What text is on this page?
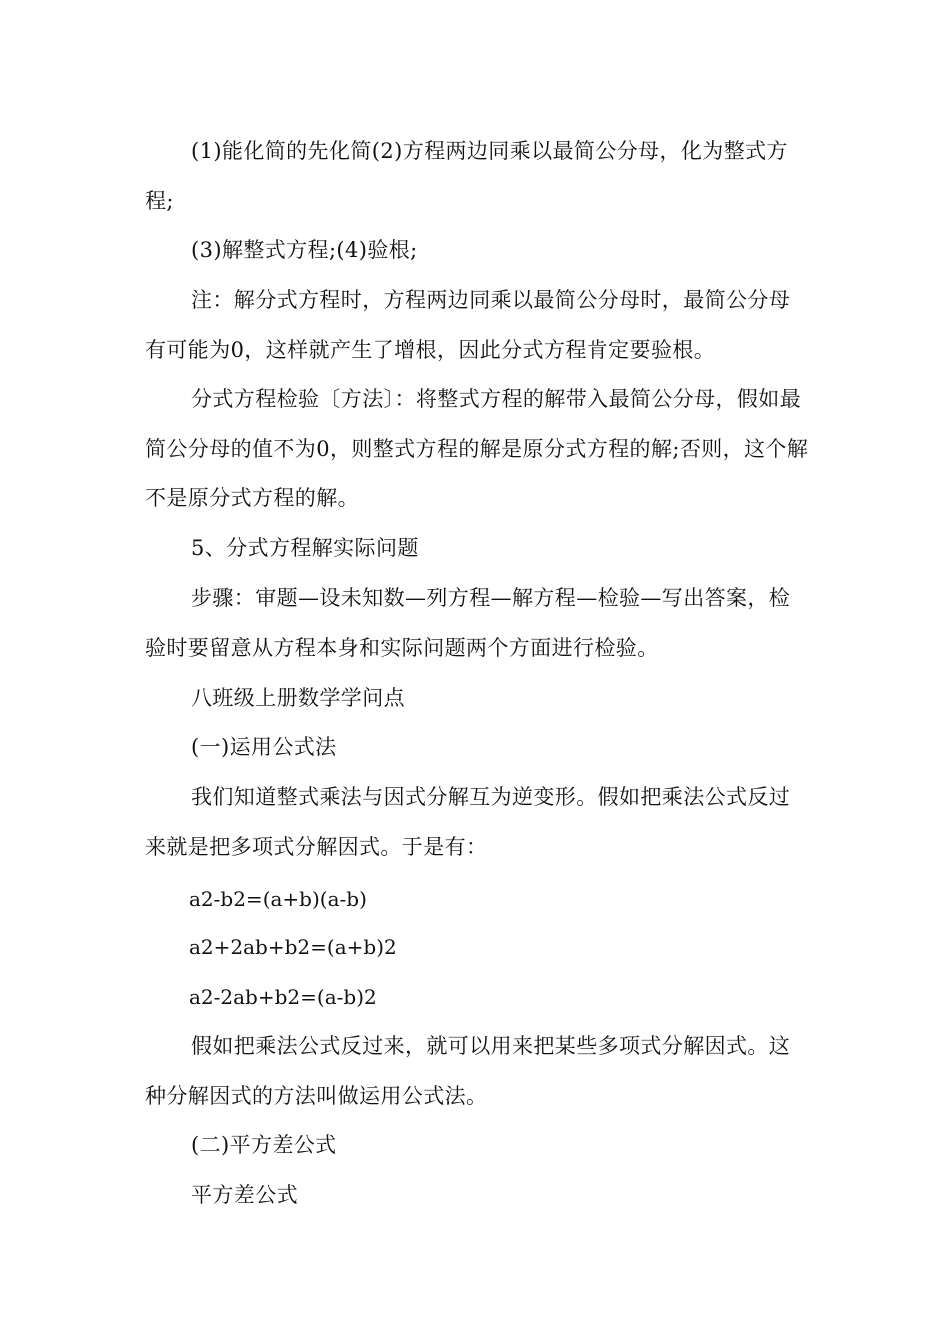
(1)能化简的先化简(2)方程两边同乘以最简公分母，化为整式方程;

(3)解整式方程;(4)验根;

注：解分式方程时，方程两边同乘以最简公分母时，最简公分母有可能为0，这样就产生了增根，因此分式方程肯定要验根。

分式方程检验〔方法〕：将整式方程的解带入最简公分母，假如最简公分母的值不为0，则整式方程的解是原分式方程的解;否则，这个解不是原分式方程的解。

5、分式方程解实际问题

步骤：审题—设未知数—列方程—解方程—检验—写出答案，检验时要留意从方程本身和实际问题两个方面进行检验。

八班级上册数学学问点

(一)运用公式法

我们知道整式乘法与因式分解互为逆变形。假如把乘法公式反过来就是把多项式分解因式。于是有：

a2-b2=(a+b)(a-b)

a2+2ab+b2=(a+b)2

a2-2ab+b2=(a-b)2

假如把乘法公式反过来，就可以用来把某些多项式分解因式。这种分解因式的方法叫做运用公式法。

(二)平方差公式

平方差公式
